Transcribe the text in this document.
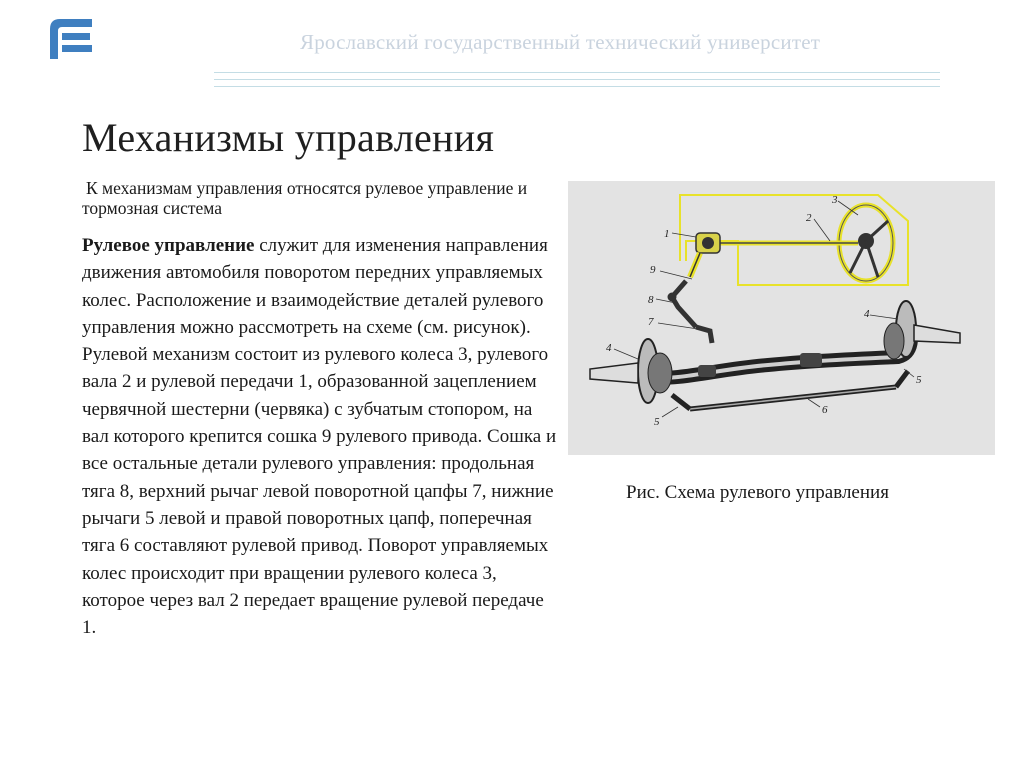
Ярославский государственный технический университет
Механизмы управления
К механизмам управления относятся рулевое управление и тормозная система
Рулевое управление служит для изменения направления движения автомобиля поворотом передних управляемых колес. Расположение и взаимодействие деталей рулевого управления можно рассмотреть на схеме (см. рисунок). Рулевой механизм состоит из рулевого колеса 3, рулевого вала 2 и рулевой передачи 1, образованной зацеплением червячной шестерни (червяка) с зубчатым стопором, на вал которого крепится сошка 9 рулевого привода. Сошка и все остальные детали рулевого управления: продольная тяга 8, верхний рычаг левой поворотной цапфы 7, нижние рычаги 5 левой и правой поворотных цапф, поперечная тяга 6 составляют рулевой привод. Поворот управляемых колес происходит при вращении рулевого колеса 3, которое через вал 2 передает вращение рулевой передаче 1.
1
2
3
9
8
7
4
4
5
5
6
Рис. Схема рулевого управления
